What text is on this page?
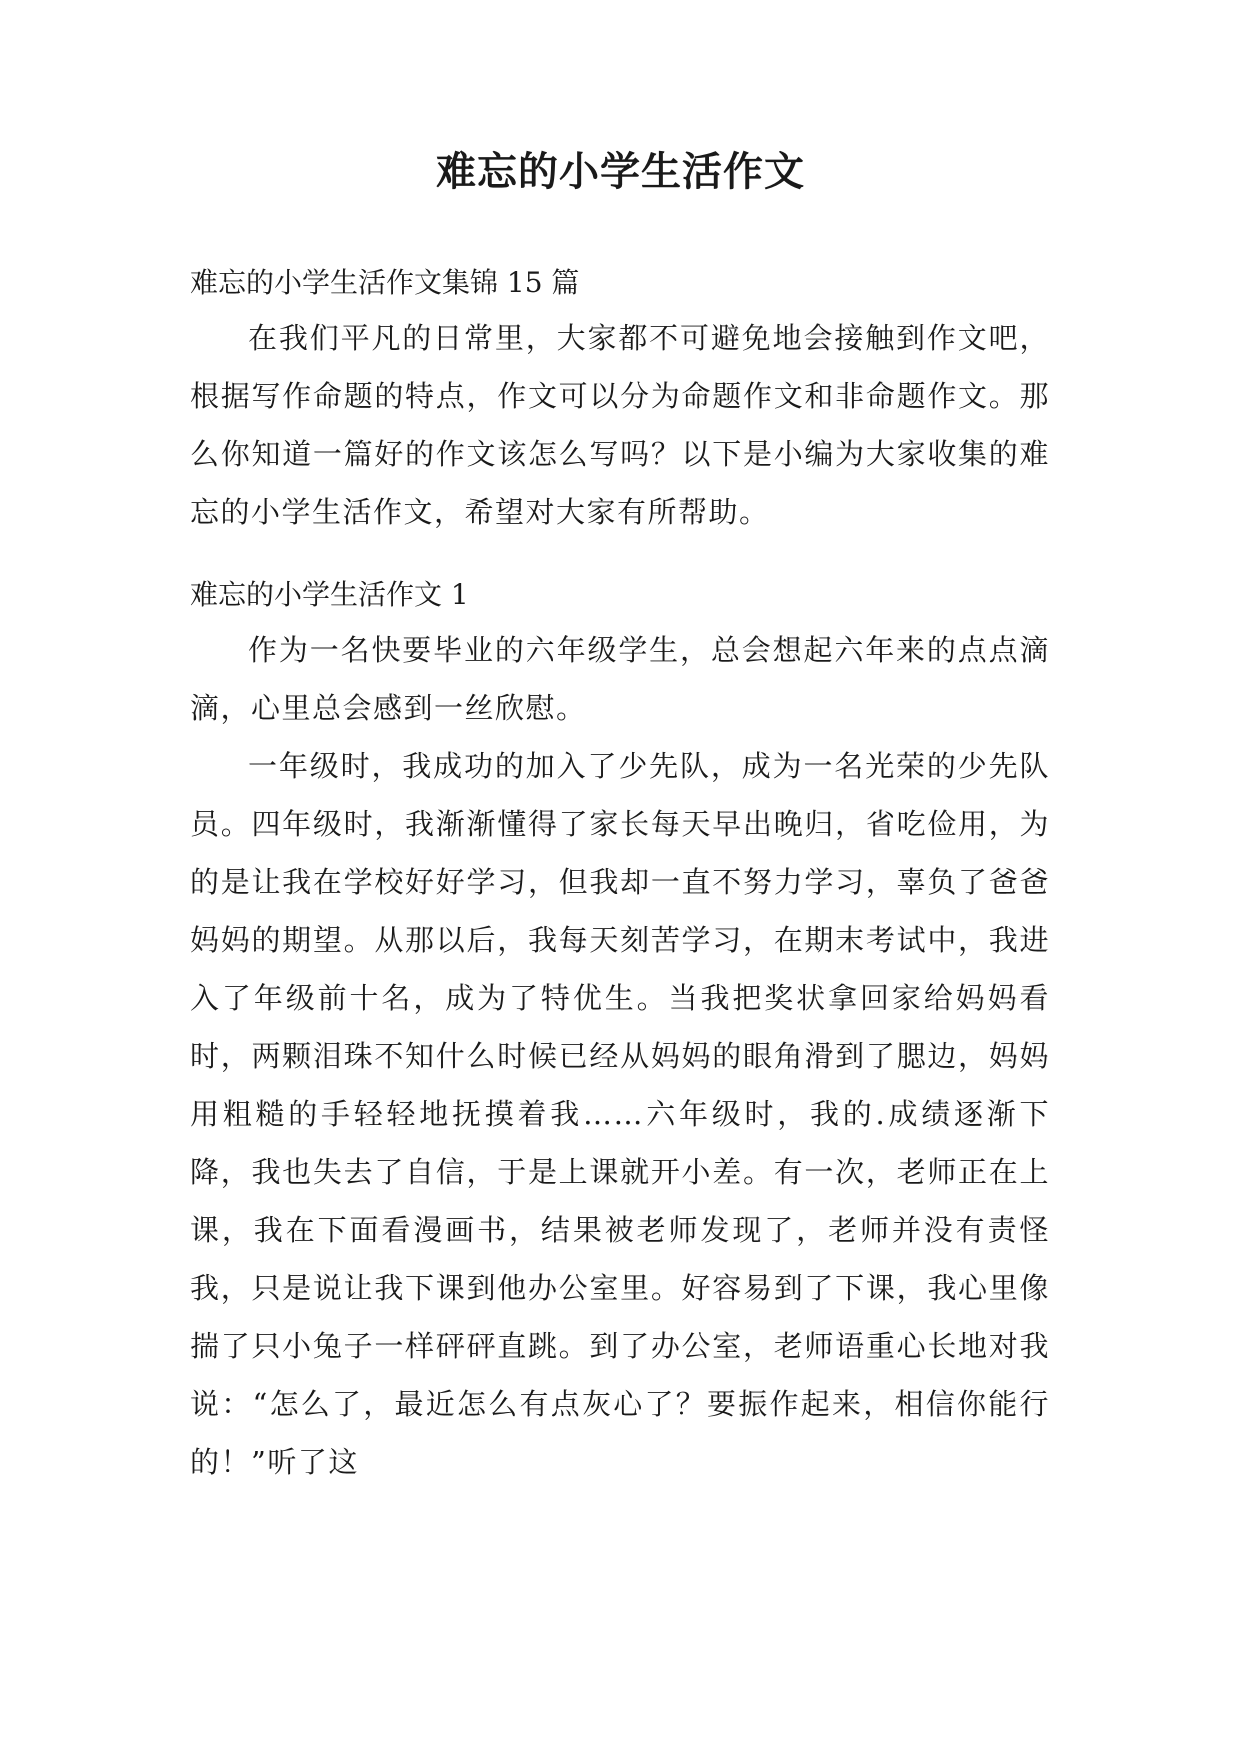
难忘的小学生活作文
难忘的小学生活作文集锦 15 篇

在我们平凡的日常里，大家都不可避免地会接触到作文吧，根据写作命题的特点，作文可以分为命题作文和非命题作文。那么你知道一篇好的作文该怎么写吗？以下是小编为大家收集的难忘的小学生活作文，希望对大家有所帮助。

难忘的小学生活作文 1

作为一名快要毕业的六年级学生，总会想起六年来的点点滴滴，心里总会感到一丝欣慰。

一年级时，我成功的加入了少先队，成为一名光荣的少先队员。四年级时，我渐渐懂得了家长每天早出晚归，省吃俭用，为的是让我在学校好好学习，但我却一直不努力学习，辜负了爸爸妈妈的期望。从那以后，我每天刻苦学习，在期末考试中，我进入了年级前十名，成为了特优生。当我把奖状拿回家给妈妈看时，两颗泪珠不知什么时候已经从妈妈的眼角滑到了腮边，妈妈用粗糙的手轻轻地抚摸着我……六年级时，我的.成绩逐渐下降，我也失去了自信，于是上课就开小差。有一次，老师正在上课，我在下面看漫画书，结果被老师发现了，老师并没有责怪我，只是说让我下课到他办公室里。好容易到了下课，我心里像揣了只小兔子一样砰砰直跳。到了办公室，老师语重心长地对我说：“怎么了，最近怎么有点灰心了？要振作起来，相信你能行的！”听了这
